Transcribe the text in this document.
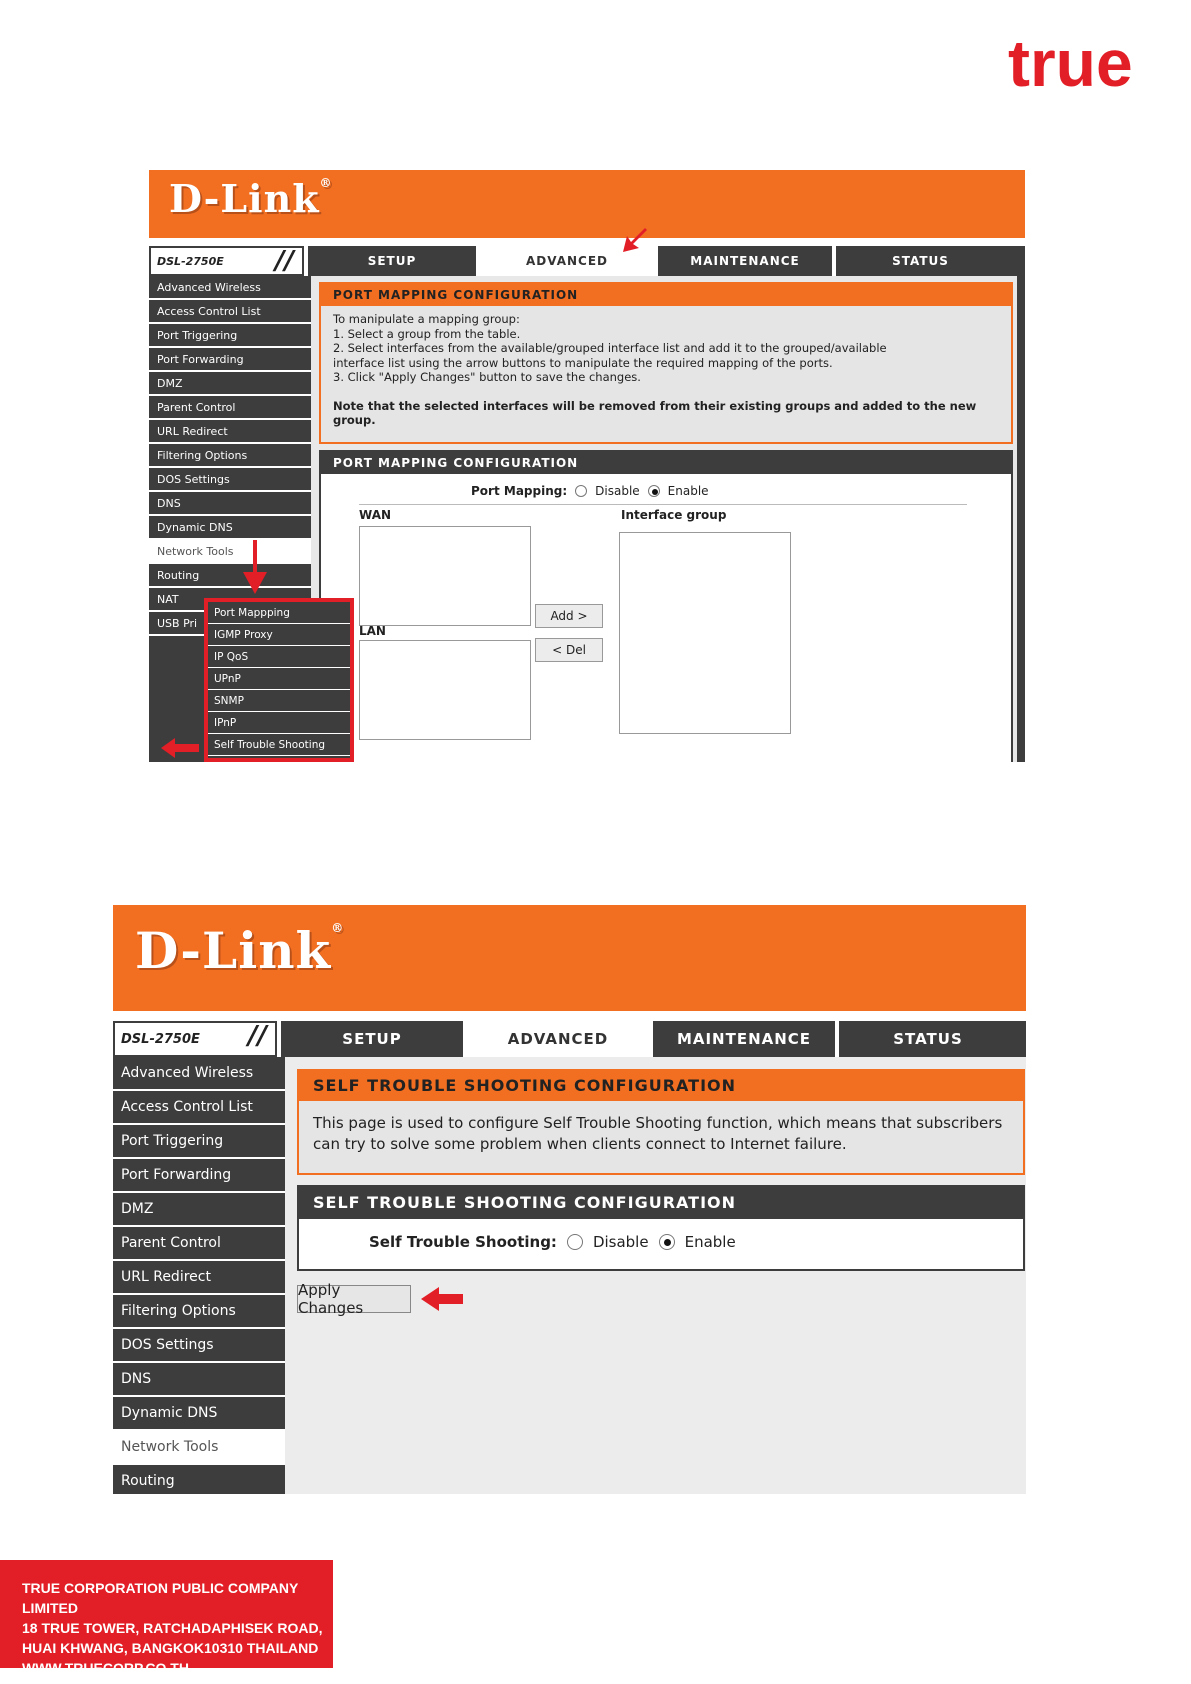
true
D-Link®
DSL-2750E //	SETUP	ADVANCED	MAINTENANCE	STATUS
Advanced Wireless
Access Control List
Port Triggering
Port Forwarding
DMZ
Parent Control
URL Redirect
Filtering Options
DOS Settings
DNS
Dynamic DNS
Network Tools
Routing
NAT
USB Pri
PORT MAPPING CONFIGURATION
To manipulate a mapping group:
1. Select a group from the table.
2. Select interfaces from the available/grouped interface list and add it to the grouped/available
interface list using the arrow buttons to manipulate the required mapping of the ports.
3. Click "Apply Changes" button to save the changes.
Note that the selected interfaces will be removed from their existing groups and added to the new group.
PORT MAPPING CONFIGURATION
Port Mapping: Disable Enable
WAN	Interface group
LAN
Add >
< Del
Port Mappping
IGMP Proxy
IP QoS
UPnP
SNMP
IPnP
Self Trouble Shooting
D-Link®
DSL-2750E //	SETUP	ADVANCED	MAINTENANCE	STATUS
Advanced Wireless
Access Control List
Port Triggering
Port Forwarding
DMZ
Parent Control
URL Redirect
Filtering Options
DOS Settings
DNS
Dynamic DNS
Network Tools
Routing
SELF TROUBLE SHOOTING CONFIGURATION
This page is used to configure Self Trouble Shooting function, which means that subscribers can try to solve some problem when clients connect to Internet failure.
SELF TROUBLE SHOOTING CONFIGURATION
Self Trouble Shooting: Disable Enable
Apply Changes
TRUE CORPORATION PUBLIC COMPANY LIMITED
18 TRUE TOWER, RATCHADAPHISEK ROAD,
HUAI KHWANG, BANGKOK10310 THAILAND
WWW.TRUECORP.CO.TH
